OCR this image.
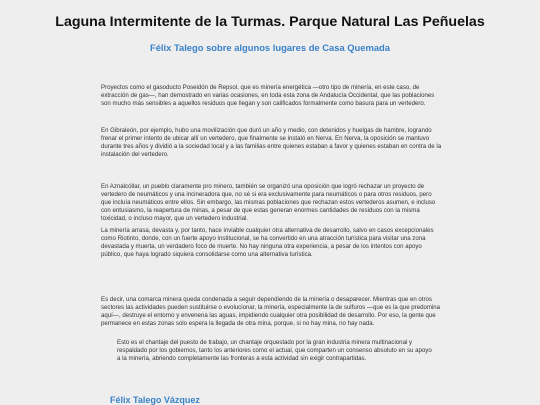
Laguna Intermitente de la Turmas. Parque Natural Las Peñuelas
Félix Talego sobre algunos lugares de Casa Quemada

Proyectos como el gasoducto Poseidón de Repsol, que es minería energética —otro tipo de minería, en este caso, de extracción de gas—, han demostrado en varias ocasiones, en toda esta zona de Andalucía Occidental, que las poblaciones son mucho más sensibles a aquellos residuos que llegan y son calificados formalmente como basura para un vertedero.

En Gibraleón, por ejemplo, hubo una movilización que duró un año y medio, con detenidos y huelgas de hambre, logrando frenar el primer intento de ubicar allí un vertedero, que finalmente se instaló en Nerva. En Nerva, la oposición se mantuvo durante tres años y dividió a la sociedad local y a las familias entre quienes estaban a favor y quienes estaban en contra de la instalación del vertedero.

En Aznalcóllar, un pueblo claramente pro minero, también se organizó una oposición que logró rechazar un proyecto de vertedero de neumáticos y una incineradora que, no sé si era exclusivamente para neumáticos o para otros residuos, pero que incluía neumáticos entre ellos. Sin embargo, las mismas poblaciones que rechazan estos vertederos asumen, e incluso con entusiasmo, la reapertura de minas, a pesar de que estas generan enormes cantidades de residuos con la misma toxicidad, o incluso mayor, que un vertedero industrial.

La minería arrasa, devasta y, por tanto, hace inviable cualquier otra alternativa de desarrollo, salvo en casos excepcionales como Riotinto, donde, con un fuerte apoyo institucional, se ha convertido en una atracción turística para visitar una zona devastada y muerta, un verdadero foco de muerte. No hay ninguna otra experiencia, a pesar de los intentos con apoyo público, que haya logrado siquiera consolidarse como una alternativa turística.

Es decir, una comarca minera queda condenada a seguir dependiendo de la minería o desaparecer. Mientras que en otros sectores las actividades pueden sustituirse o evolucionar, la minería, especialmente la de sulfuros —que es la que predomina aquí—, destruye el entorno y envenena las aguas, impidiendo cualquier otra posibilidad de desarrollo. Por eso, la gente que permanece en estas zonas solo espera la llegada de otra mina, porque, si no hay mina, no hay nada.

Esto es el chantaje del puesto de trabajo, un chantaje orquestado por la gran industria minera multinacional y respaldado por los gobiernos, tanto los anteriores como el actual, que comparten un consenso absoluto en su apoyo a la minería, abriendo completamente las fronteras a esta actividad sin exigir contrapartidas.

Félix Talego Vázquez
